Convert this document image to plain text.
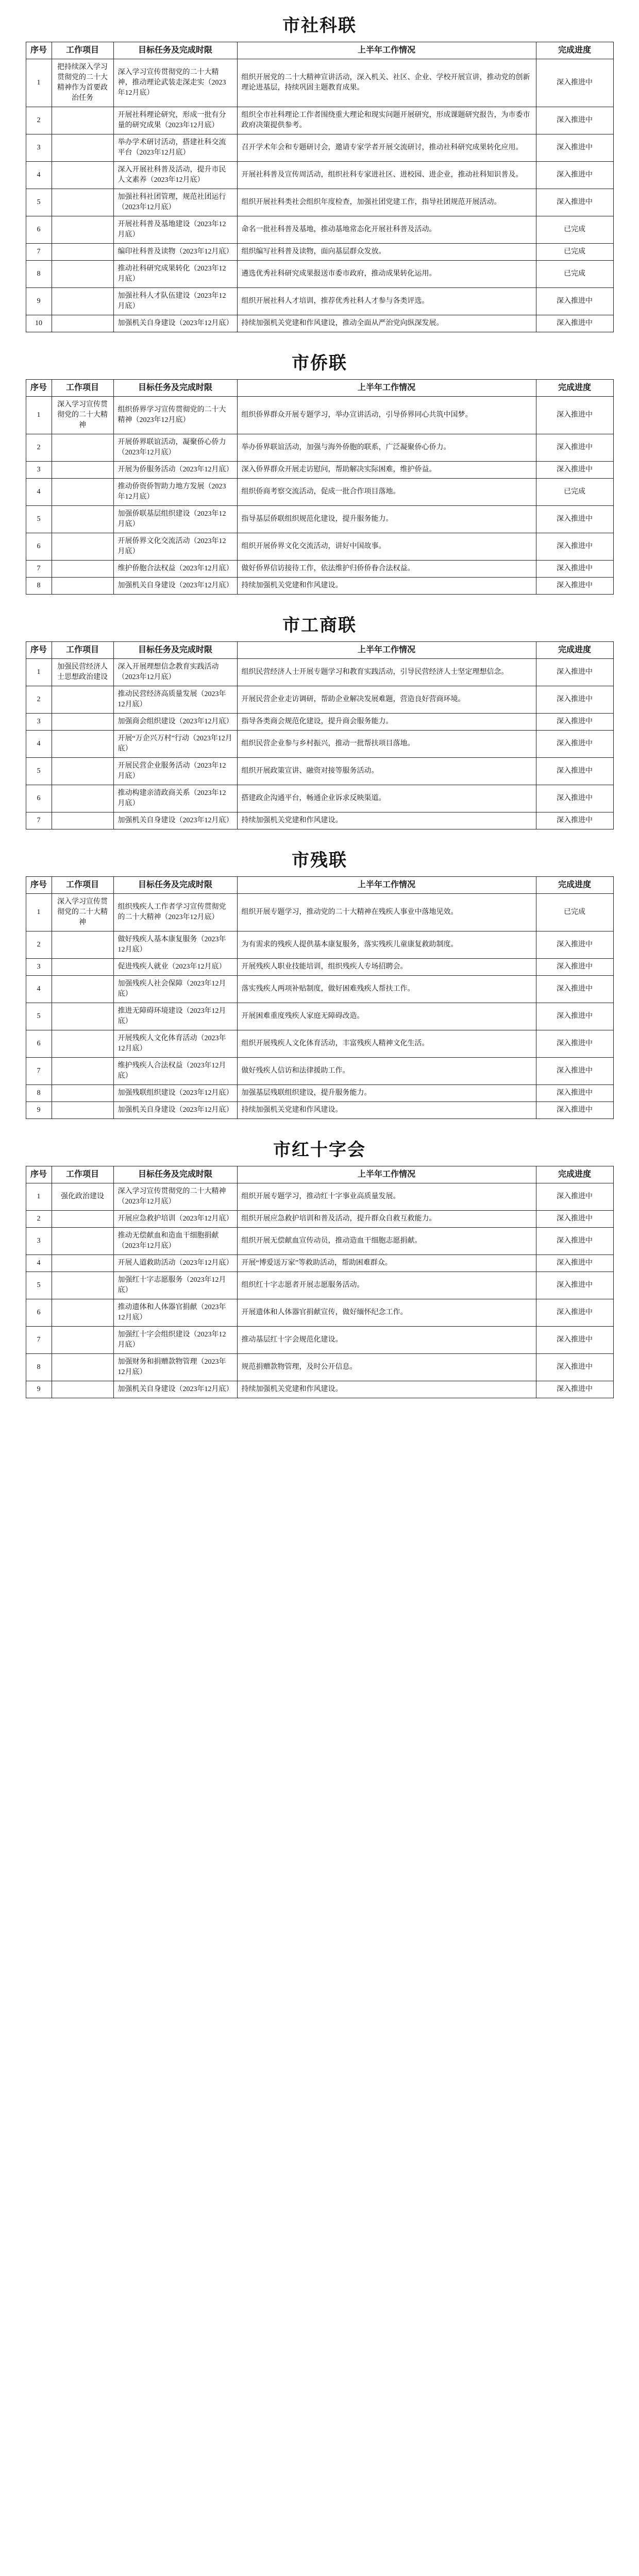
市社科联
序号	工作项目	目标任务及完成时限	上半年工作情况	完成进度
1	把持续深入学习贯彻党的二十大精神作为首要政治任务	深入学习宣传贯彻党的二十大精神，推动理论武装走深走实（2023年12月底）	组织开展党的二十大精神宣讲活动，深入机关、社区、企业、学校开展宣讲，推动党的创新理论进基层，持续巩固主题教育成果。	深入推进中
2		开展社科理论研究，形成一批有分量的研究成果（2023年12月底）	组织全市社科理论工作者围绕重大理论和现实问题开展研究，形成课题研究报告，为市委市政府决策提供参考。	深入推进中
3		举办学术研讨活动，搭建社科交流平台（2023年12月底）	召开学术年会和专题研讨会，邀请专家学者开展交流研讨，推动社科研究成果转化应用。	深入推进中
4		深入开展社科普及活动，提升市民人文素养（2023年12月底）	开展社科普及宣传周活动，组织社科专家进社区、进校园、进企业，推动社科知识普及。	深入推进中
5		加强社科社团管理，规范社团运行（2023年12月底）	组织开展社科类社会组织年度检查，加强社团党建工作，指导社团规范开展活动。	深入推进中
6		开展社科普及基地建设（2023年12月底）	命名一批社科普及基地，推动基地常态化开展社科普及活动。	已完成
7		编印社科普及读物（2023年12月底）	组织编写社科普及读物，面向基层群众发放。	已完成
8		推动社科研究成果转化（2023年12月底）	遴选优秀社科研究成果报送市委市政府，推动成果转化运用。	已完成
9		加强社科人才队伍建设（2023年12月底）	组织开展社科人才培训，推荐优秀社科人才参与各类评选。	深入推进中
10		加强机关自身建设（2023年12月底）	持续加强机关党建和作风建设，推动全面从严治党向纵深发展。	深入推进中
市侨联
序号	工作项目	目标任务及完成时限	上半年工作情况	完成进度
1	深入学习宣传贯彻党的二十大精神	组织侨界学习宣传贯彻党的二十大精神（2023年12月底）	组织侨界群众开展专题学习，举办宣讲活动，引导侨界同心共筑中国梦。	深入推进中
2		开展侨界联谊活动，凝聚侨心侨力（2023年12月底）	举办侨界联谊活动，加强与海外侨胞的联系，广泛凝聚侨心侨力。	深入推进中
3		开展为侨服务活动（2023年12月底）	深入侨界群众开展走访慰问，帮助解决实际困难，维护侨益。	深入推进中
4		推动侨资侨智助力地方发展（2023年12月底）	组织侨商考察交流活动，促成一批合作项目落地。	已完成
5		加强侨联基层组织建设（2023年12月底）	指导基层侨联组织规范化建设，提升服务能力。	深入推进中
6		开展侨界文化交流活动（2023年12月底）	组织开展侨界文化交流活动，讲好中国故事。	深入推进中
7		维护侨胞合法权益（2023年12月底）	做好侨界信访接待工作，依法维护归侨侨眷合法权益。	深入推进中
8		加强机关自身建设（2023年12月底）	持续加强机关党建和作风建设。	深入推进中
市工商联
序号	工作项目	目标任务及完成时限	上半年工作情况	完成进度
1	加强民营经济人士思想政治建设	深入开展理想信念教育实践活动（2023年12月底）	组织民营经济人士开展专题学习和教育实践活动，引导民营经济人士坚定理想信念。	深入推进中
2		推动民营经济高质量发展（2023年12月底）	开展民营企业走访调研，帮助企业解决发展难题，营造良好营商环境。	深入推进中
3		加强商会组织建设（2023年12月底）	指导各类商会规范化建设，提升商会服务能力。	深入推进中
4		开展“万企兴万村”行动（2023年12月底）	组织民营企业参与乡村振兴，推动一批帮扶项目落地。	深入推进中
5		开展民营企业服务活动（2023年12月底）	组织开展政策宣讲、融资对接等服务活动。	深入推进中
6		推动构建亲清政商关系（2023年12月底）	搭建政企沟通平台，畅通企业诉求反映渠道。	深入推进中
7		加强机关自身建设（2023年12月底）	持续加强机关党建和作风建设。	深入推进中
市残联
序号	工作项目	目标任务及完成时限	上半年工作情况	完成进度
1	深入学习宣传贯彻党的二十大精神	组织残疾人工作者学习宣传贯彻党的二十大精神（2023年12月底）	组织开展专题学习，推动党的二十大精神在残疾人事业中落地见效。	已完成
2		做好残疾人基本康复服务（2023年12月底）	为有需求的残疾人提供基本康复服务，落实残疾儿童康复救助制度。	深入推进中
3		促进残疾人就业（2023年12月底）	开展残疾人职业技能培训，组织残疾人专场招聘会。	深入推进中
4		加强残疾人社会保障（2023年12月底）	落实残疾人两项补贴制度，做好困难残疾人帮扶工作。	深入推进中
5		推进无障碍环境建设（2023年12月底）	开展困难重度残疾人家庭无障碍改造。	深入推进中
6		开展残疾人文化体育活动（2023年12月底）	组织开展残疾人文化体育活动，丰富残疾人精神文化生活。	深入推进中
7		维护残疾人合法权益（2023年12月底）	做好残疾人信访和法律援助工作。	深入推进中
8		加强残联组织建设（2023年12月底）	加强基层残联组织建设，提升服务能力。	深入推进中
9		加强机关自身建设（2023年12月底）	持续加强机关党建和作风建设。	深入推进中
市红十字会
序号	工作项目	目标任务及完成时限	上半年工作情况	完成进度
1	强化政治建设	深入学习宣传贯彻党的二十大精神（2023年12月底）	组织开展专题学习，推动红十字事业高质量发展。	深入推进中
2		开展应急救护培训（2023年12月底）	组织开展应急救护培训和普及活动，提升群众自救互救能力。	深入推进中
3		推动无偿献血和造血干细胞捐献（2023年12月底）	组织开展无偿献血宣传动员，推动造血干细胞志愿捐献。	深入推进中
4		开展人道救助活动（2023年12月底）	开展“博爱送万家”等救助活动，帮助困难群众。	深入推进中
5		加强红十字志愿服务（2023年12月底）	组织红十字志愿者开展志愿服务活动。	深入推进中
6		推动遗体和人体器官捐献（2023年12月底）	开展遗体和人体器官捐献宣传，做好缅怀纪念工作。	深入推进中
7		加强红十字会组织建设（2023年12月底）	推动基层红十字会规范化建设。	深入推进中
8		加强财务和捐赠款物管理（2023年12月底）	规范捐赠款物管理，及时公开信息。	深入推进中
9		加强机关自身建设（2023年12月底）	持续加强机关党建和作风建设。	深入推进中
